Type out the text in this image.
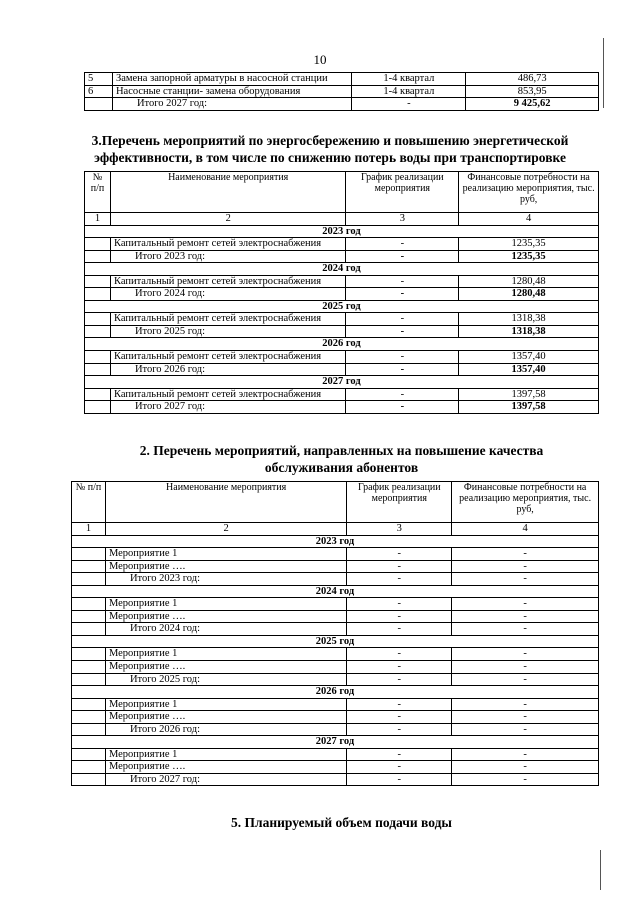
10
5	Замена запорной арматуры в насосной станции	1-4 квартал	486,73
6	Насосные станции- замена оборудования	1-4 квартал	853,95
	Итого 2027 год:	-	9 425,62
3.Перечень мероприятий по энергосбережению и повышению энергетической
эффективности, в том числе по снижению потерь воды при транспортировке
№ п/п	Наименование мероприятия	График реализации мероприятия	Финансовые потребности на реализацию мероприятия, тыс. руб,
1	2	3	4
2023 год			
	Капитальный ремонт сетей электроснабжения	-	1235,35
	Итого 2023 год:	-	1235,35
2024 год			
	Капитальный ремонт сетей электроснабжения	-	1280,48
	Итого 2024 год:	-	1280,48
2025 год			
	Капитальный ремонт сетей электроснабжения	-	1318,38
	Итого 2025 год:	-	1318,38
2026 год			
	Капитальный ремонт сетей электроснабжения	-	1357,40
	Итого 2026 год:	-	1357,40
2027 год			
	Капитальный ремонт сетей электроснабжения	-	1397,58
	Итого 2027 год:	-	1397,58
2. Перечень мероприятий, направленных на повышение качества
обслуживания абонентов
№ п/п	Наименование мероприятия	График реализации мероприятия	Финансовые потребности на реализацию мероприятия, тыс. руб,
1	2	3	4
2023 год			
	Мероприятие 1	-	-
	Мероприятие ….	-	-
	Итого 2023 год:	-	-
2024 год			
	Мероприятие 1	-	-
	Мероприятие ….	-	-
	Итого 2024 год:	-	-
2025 год			
	Мероприятие 1	-	-
	Мероприятие ….	-	-
	Итого 2025 год:	-	-
2026 год			
	Мероприятие 1	-	-
	Мероприятие ….	-	-
	Итого 2026 год:	-	-
2027 год			
	Мероприятие 1	-	-
	Мероприятие ….	-	-
	Итого 2027 год:	-	-
5. Планируемый объем подачи воды
